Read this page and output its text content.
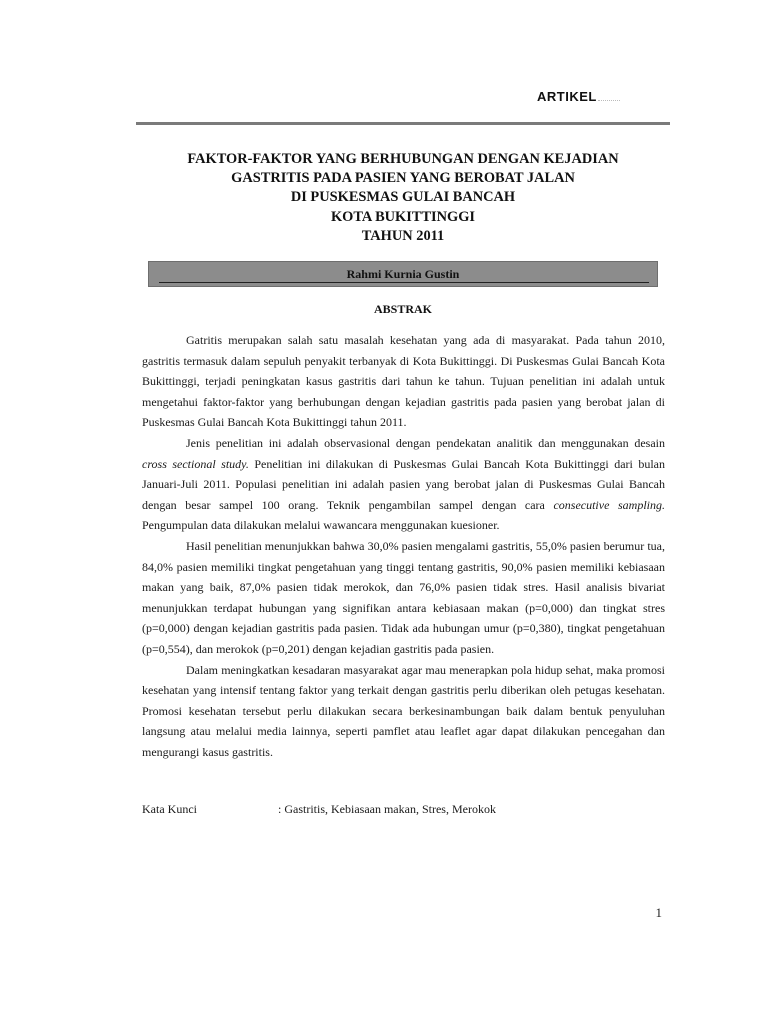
ARTIKEL
FAKTOR-FAKTOR YANG BERHUBUNGAN DENGAN KEJADIAN
GASTRITIS PADA PASIEN YANG BEROBAT JALAN
DI PUSKESMAS GULAI BANCAH
KOTA BUKITTINGGI
TAHUN 2011
Rahmi Kurnia Gustin
ABSTRAK

Gatritis merupakan salah satu masalah kesehatan yang ada di masyarakat. Pada tahun 2010, gastritis termasuk dalam sepuluh penyakit terbanyak di Kota Bukittinggi. Di Puskesmas Gulai Bancah Kota Bukittinggi, terjadi peningkatan kasus gastritis dari tahun ke tahun. Tujuan penelitian ini adalah untuk mengetahui faktor-faktor yang berhubungan dengan kejadian gastritis pada pasien yang berobat jalan di Puskesmas Gulai Bancah Kota Bukittinggi tahun 2011.

Jenis penelitian ini adalah observasional dengan pendekatan analitik dan menggunakan desain cross sectional study. Penelitian ini dilakukan di Puskesmas Gulai Bancah Kota Bukittinggi dari bulan Januari-Juli 2011. Populasi penelitian ini adalah pasien yang berobat jalan di Puskesmas Gulai Bancah dengan besar sampel 100 orang. Teknik pengambilan sampel dengan cara consecutive sampling. Pengumpulan data dilakukan melalui wawancara menggunakan kuesioner.

Hasil penelitian menunjukkan bahwa 30,0% pasien mengalami gastritis, 55,0% pasien berumur tua, 84,0% pasien memiliki tingkat pengetahuan yang tinggi tentang gastritis, 90,0% pasien memiliki kebiasaan makan yang baik, 87,0% pasien tidak merokok, dan 76,0% pasien tidak stres. Hasil analisis bivariat menunjukkan terdapat hubungan yang signifikan antara kebiasaan makan (p=0,000) dan tingkat stres (p=0,000) dengan kejadian gastritis pada pasien. Tidak ada hubungan umur (p=0,380), tingkat pengetahuan (p=0,554), dan merokok (p=0,201) dengan kejadian gastritis pada pasien.

Dalam meningkatkan kesadaran masyarakat agar mau menerapkan pola hidup sehat, maka promosi kesehatan yang intensif tentang faktor yang terkait dengan gastritis perlu diberikan oleh petugas kesehatan. Promosi kesehatan tersebut perlu dilakukan secara berkesinambungan baik dalam bentuk penyuluhan langsung atau melalui media lainnya, seperti pamflet atau leaflet agar dapat dilakukan pencegahan dan mengurangi kasus gastritis.

Kata Kunci	: Gastritis, Kebiasaan makan, Stres, Merokok
1
